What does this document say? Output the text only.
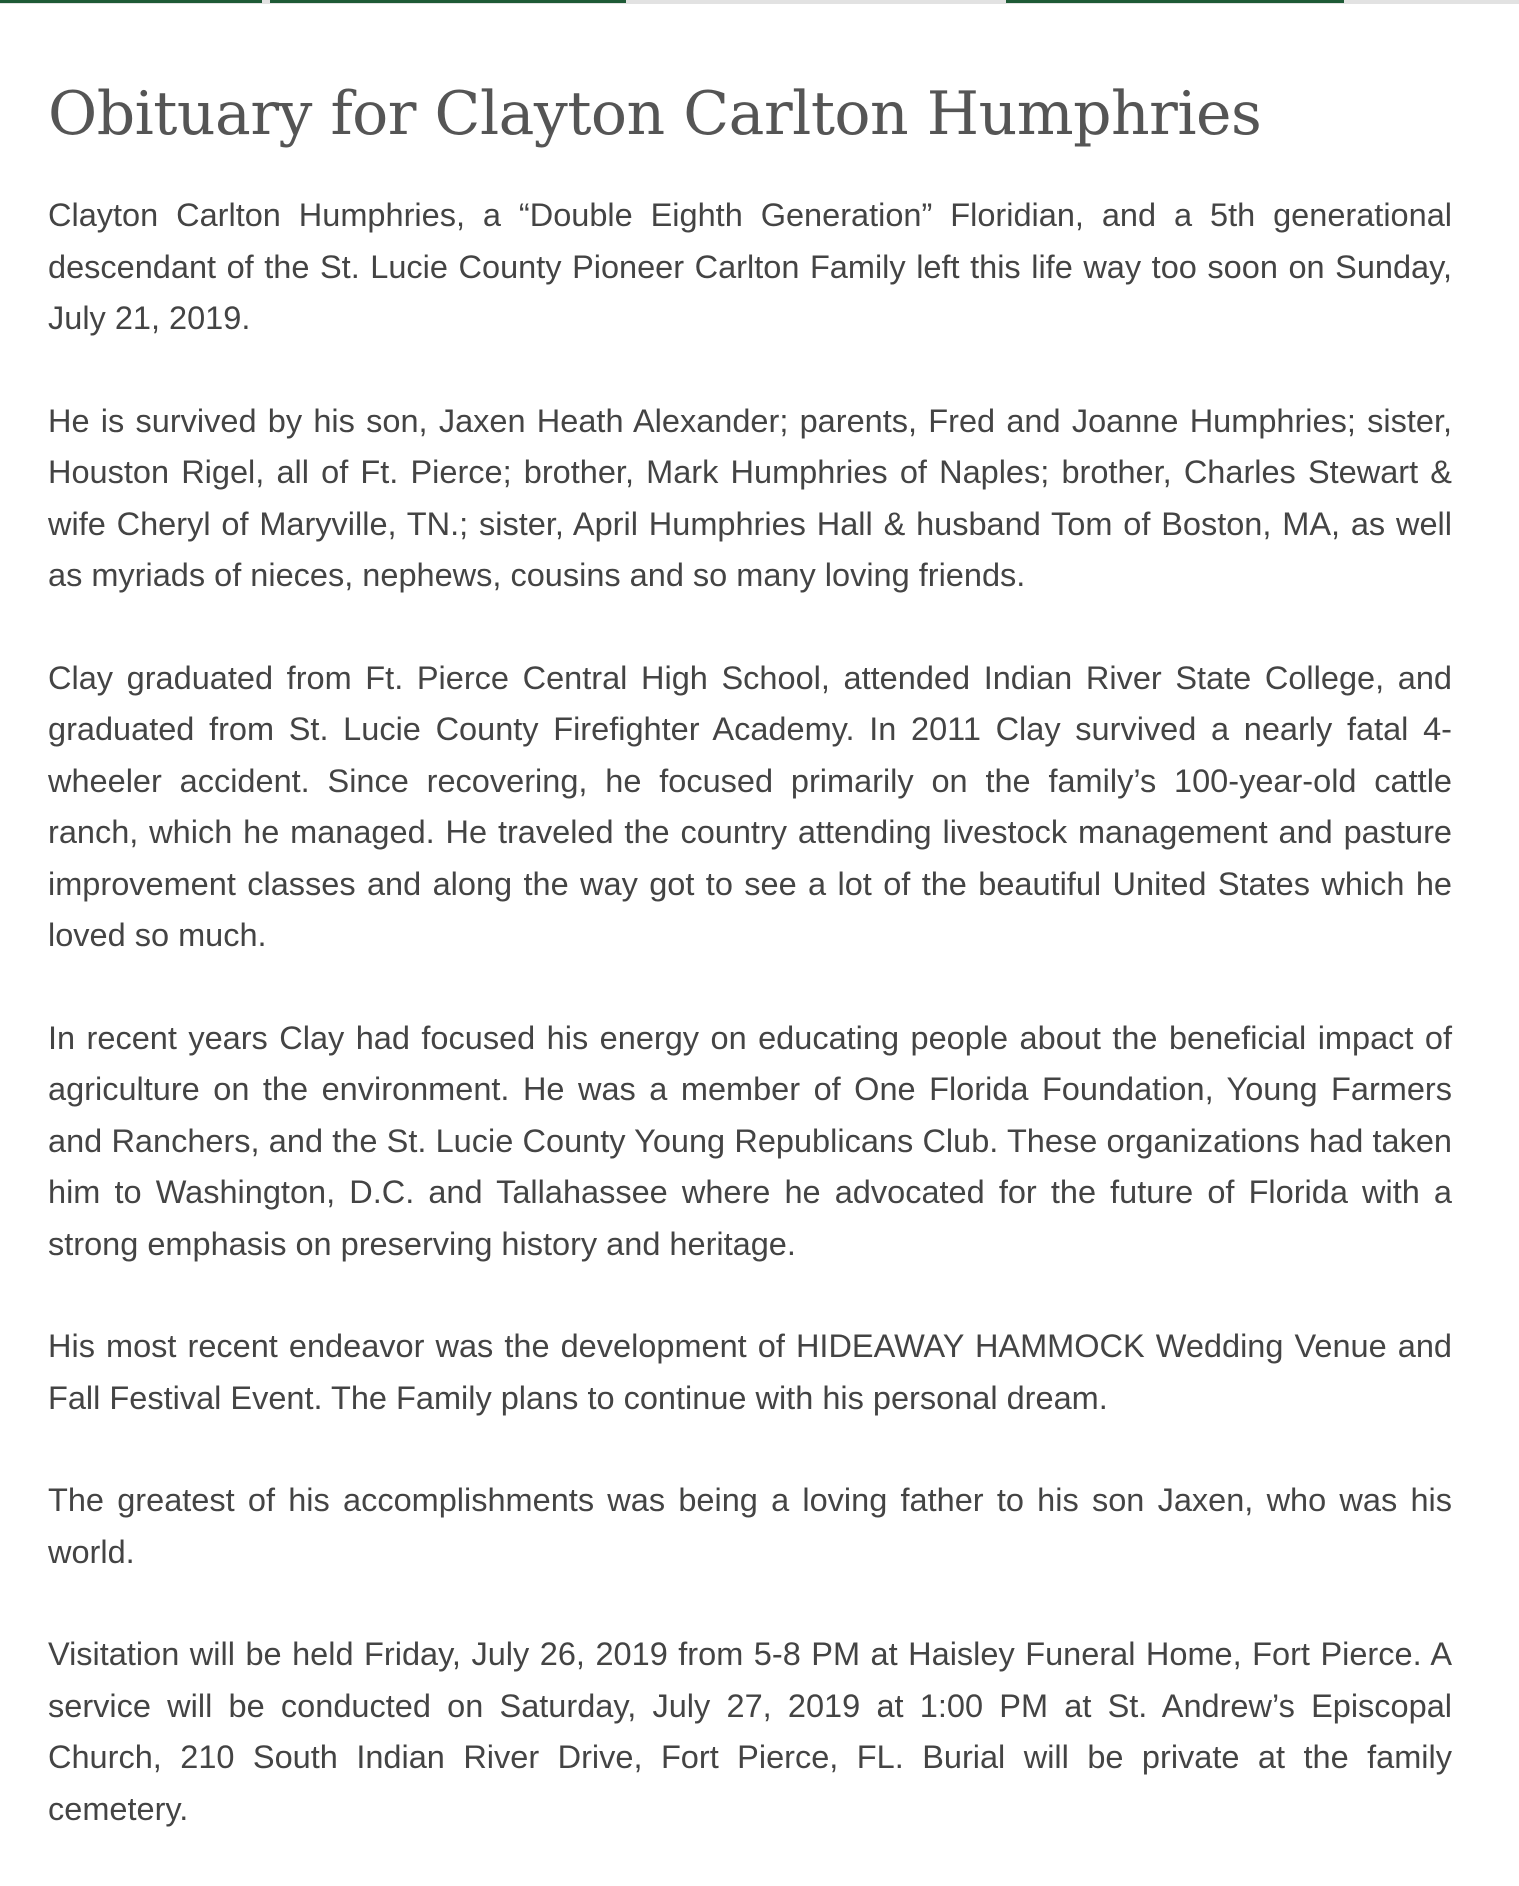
Obituary for Clayton Carlton Humphries

Clayton Carlton Humphries, a “Double Eighth Generation” Floridian, and a 5th generational descendant of the St. Lucie County Pioneer Carlton Family left this life way too soon on Sunday, July 21, 2019.

He is survived by his son, Jaxen Heath Alexander; parents, Fred and Joanne Humphries; sister, Houston Rigel, all of Ft. Pierce; brother, Mark Humphries of Naples; brother, Charles Stewart & wife Cheryl of Maryville, TN.; sister, April Humphries Hall & husband Tom of Boston, MA, as well as myriads of nieces, nephews, cousins and so many loving friends.

Clay graduated from Ft. Pierce Central High School, attended Indian River State College, and graduated from St. Lucie County Firefighter Academy. In 2011 Clay survived a nearly fatal 4-wheeler accident. Since recovering, he focused primarily on the family’s 100-year-old cattle ranch, which he managed. He traveled the country attending livestock management and pasture improvement classes and along the way got to see a lot of the beautiful United States which he loved so much.

In recent years Clay had focused his energy on educating people about the beneficial impact of agriculture on the environment. He was a member of One Florida Foundation, Young Farmers and Ranchers, and the St. Lucie County Young Republicans Club. These organizations had taken him to Washington, D.C. and Tallahassee where he advocated for the future of Florida with a strong emphasis on preserving history and heritage.

His most recent endeavor was the development of HIDEAWAY HAMMOCK Wedding Venue and Fall Festival Event. The Family plans to continue with his personal dream.

The greatest of his accomplishments was being a loving father to his son Jaxen, who was his world.

Visitation will be held Friday, July 26, 2019 from 5-8 PM at Haisley Funeral Home, Fort Pierce. A service will be conducted on Saturday, July 27, 2019 at 1:00 PM at St. Andrew’s Episcopal Church, 210 South Indian River Drive, Fort Pierce, FL. Burial will be private at the family cemetery.
